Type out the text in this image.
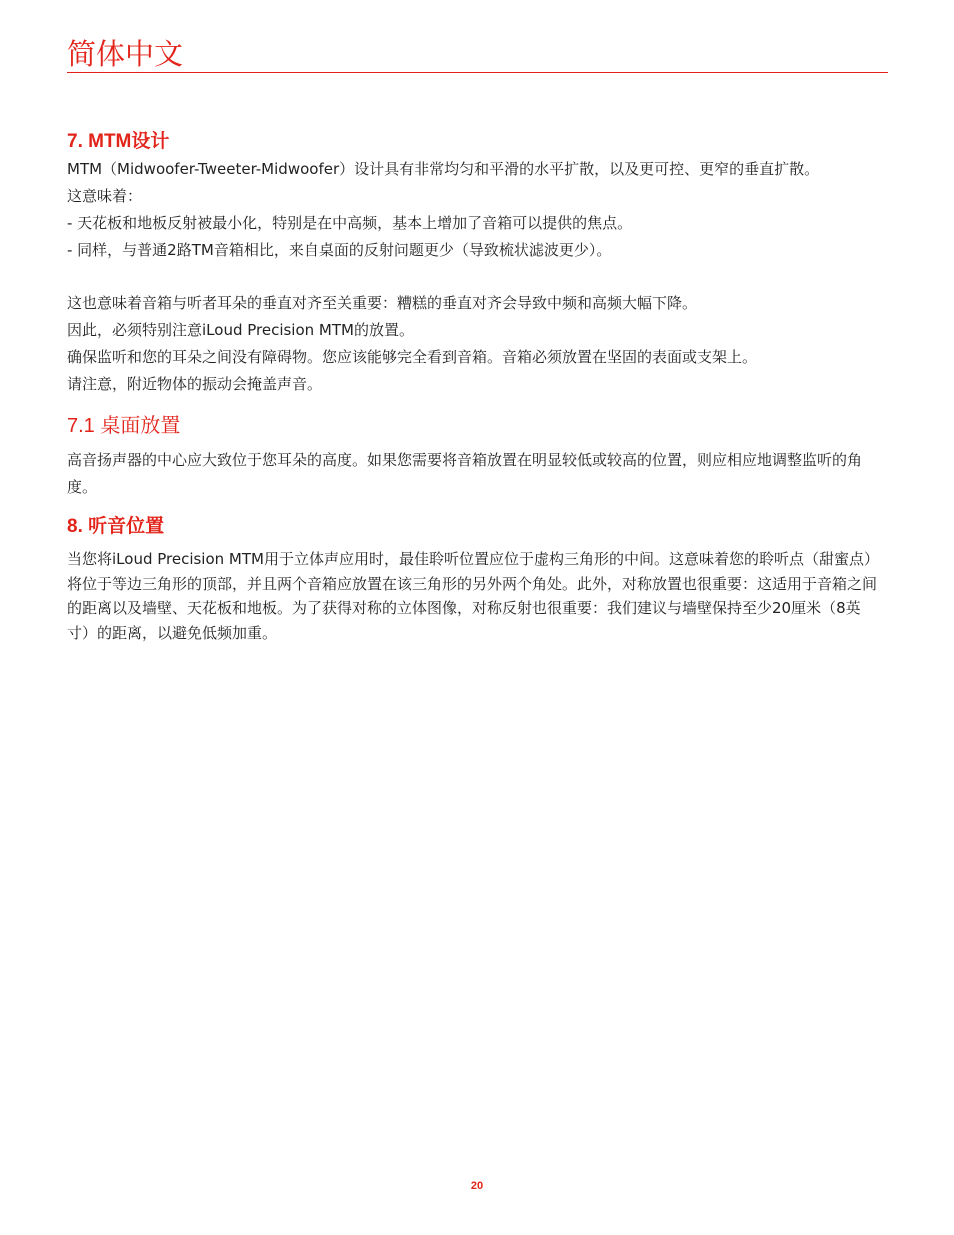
简体中文
7. MTM设计

MTM（Midwoofer-Tweeter-Midwoofer）设计具有非常均匀和平滑的水平扩散，以及更可控、更窄的垂直扩散。

这意味着：

- 天花板和地板反射被最小化，特别是在中高频，基本上增加了音箱可以提供的焦点。

- 同样，与普通2路TM音箱相比，来自桌面的反射问题更少（导致梳状滤波更少）。

这也意味着音箱与听者耳朵的垂直对齐至关重要：糟糕的垂直对齐会导致中频和高频大幅下降。

因此，必须特别注意iLoud Precision MTM的放置。

确保监听和您的耳朵之间没有障碍物。您应该能够完全看到音箱。音箱必须放置在坚固的表面或支架上。

请注意，附近物体的振动会掩盖声音。

7.1 桌面放置

高音扬声器的中心应大致位于您耳朵的高度。如果您需要将音箱放置在明显较低或较高的位置，则应相应地调整监听的角度。

8. 听音位置

当您将iLoud Precision MTM用于立体声应用时，最佳聆听位置应位于虚构三角形的中间。这意味着您的聆听点（甜蜜点）将位于等边三角形的顶部，并且两个音箱应放置在该三角形的另外两个角处。此外，对称放置也很重要：这适用于音箱之间的距离以及墙壁、天花板和地板。为了获得对称的立体图像，对称反射也很重要：我们建议与墙壁保持至少20厘米（8英寸）的距离，以避免低频加重。

20
